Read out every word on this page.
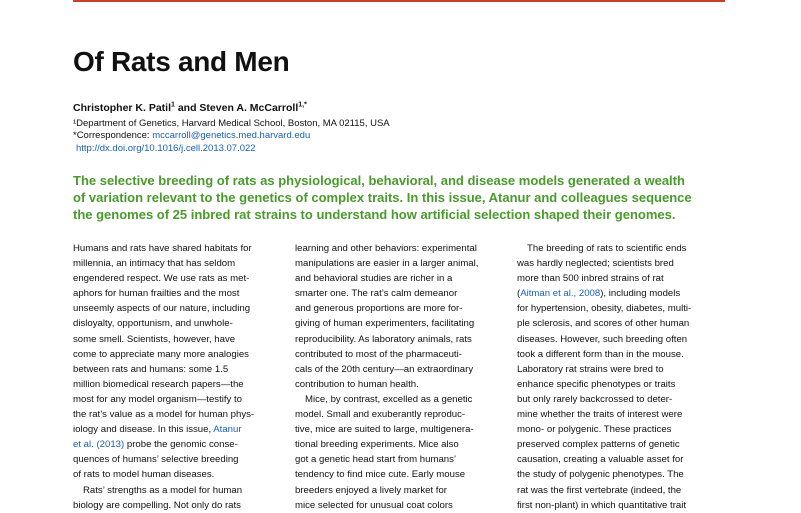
Of Rats and Men
Christopher K. Patil$^1$ and Steven A. McCarroll$^{1,*}$
¹Department of Genetics, Harvard Medical School, Boston, MA 02115, USA
*Correspondence: mccarroll@genetics.med.harvard.edu
http://dx.doi.org/10.1016/j.cell.2013.07.022
The selective breeding of rats as physiological, behavioral, and disease models generated a wealth
of variation relevant to the genetics of complex traits. In this issue, Atanur and colleagues sequence
the genomes of 25 inbred rat strains to understand how artificial selection shaped their genomes.
Humans and rats have shared habitats for
millennia, an intimacy that has seldom
engendered respect. We use rats as met-
aphors for human frailties and the most
unseemly aspects of our nature, including
disloyalty, opportunism, and unwhole-
some smell. Scientists, however, have
come to appreciate many more analogies
between rats and humans: some 1.5
million biomedical research papers—the
most for any model organism—testify to
the rat’s value as a model for human phys-
iology and disease. In this issue, Atanur
et al. (2013) probe the genomic conse-
quences of humans’ selective breeding
of rats to model human diseases.
Rats’ strengths as a model for human
biology are compelling. Not only do rats
learning and other behaviors: experimental
manipulations are easier in a larger animal,
and behavioral studies are richer in a
smarter one. The rat’s calm demeanor
and generous proportions are more for-
giving of human experimenters, facilitating
reproducibility. As laboratory animals, rats
contributed to most of the pharmaceuti-
cals of the 20th century—an extraordinary
contribution to human health.
Mice, by contrast, excelled as a genetic
model. Small and exuberantly reproduc-
tive, mice are suited to large, multigenera-
tional breeding experiments. Mice also
got a genetic head start from humans’
tendency to find mice cute. Early mouse
breeders enjoyed a lively market for
mice selected for unusual coat colors
The breeding of rats to scientific ends
was hardly neglected; scientists bred
more than 500 inbred strains of rat
(Aitman et al., 2008), including models
for hypertension, obesity, diabetes, multi-
ple sclerosis, and scores of other human
diseases. However, such breeding often
took a different form than in the mouse.
Laboratory rat strains were bred to
enhance specific phenotypes or traits
but only rarely backcrossed to deter-
mine whether the traits of interest were
mono- or polygenic. These practices
preserved complex patterns of genetic
causation, creating a valuable asset for
the study of polygenic phenotypes. The
rat was the first vertebrate (indeed, the
first non-plant) in which quantitative trait
